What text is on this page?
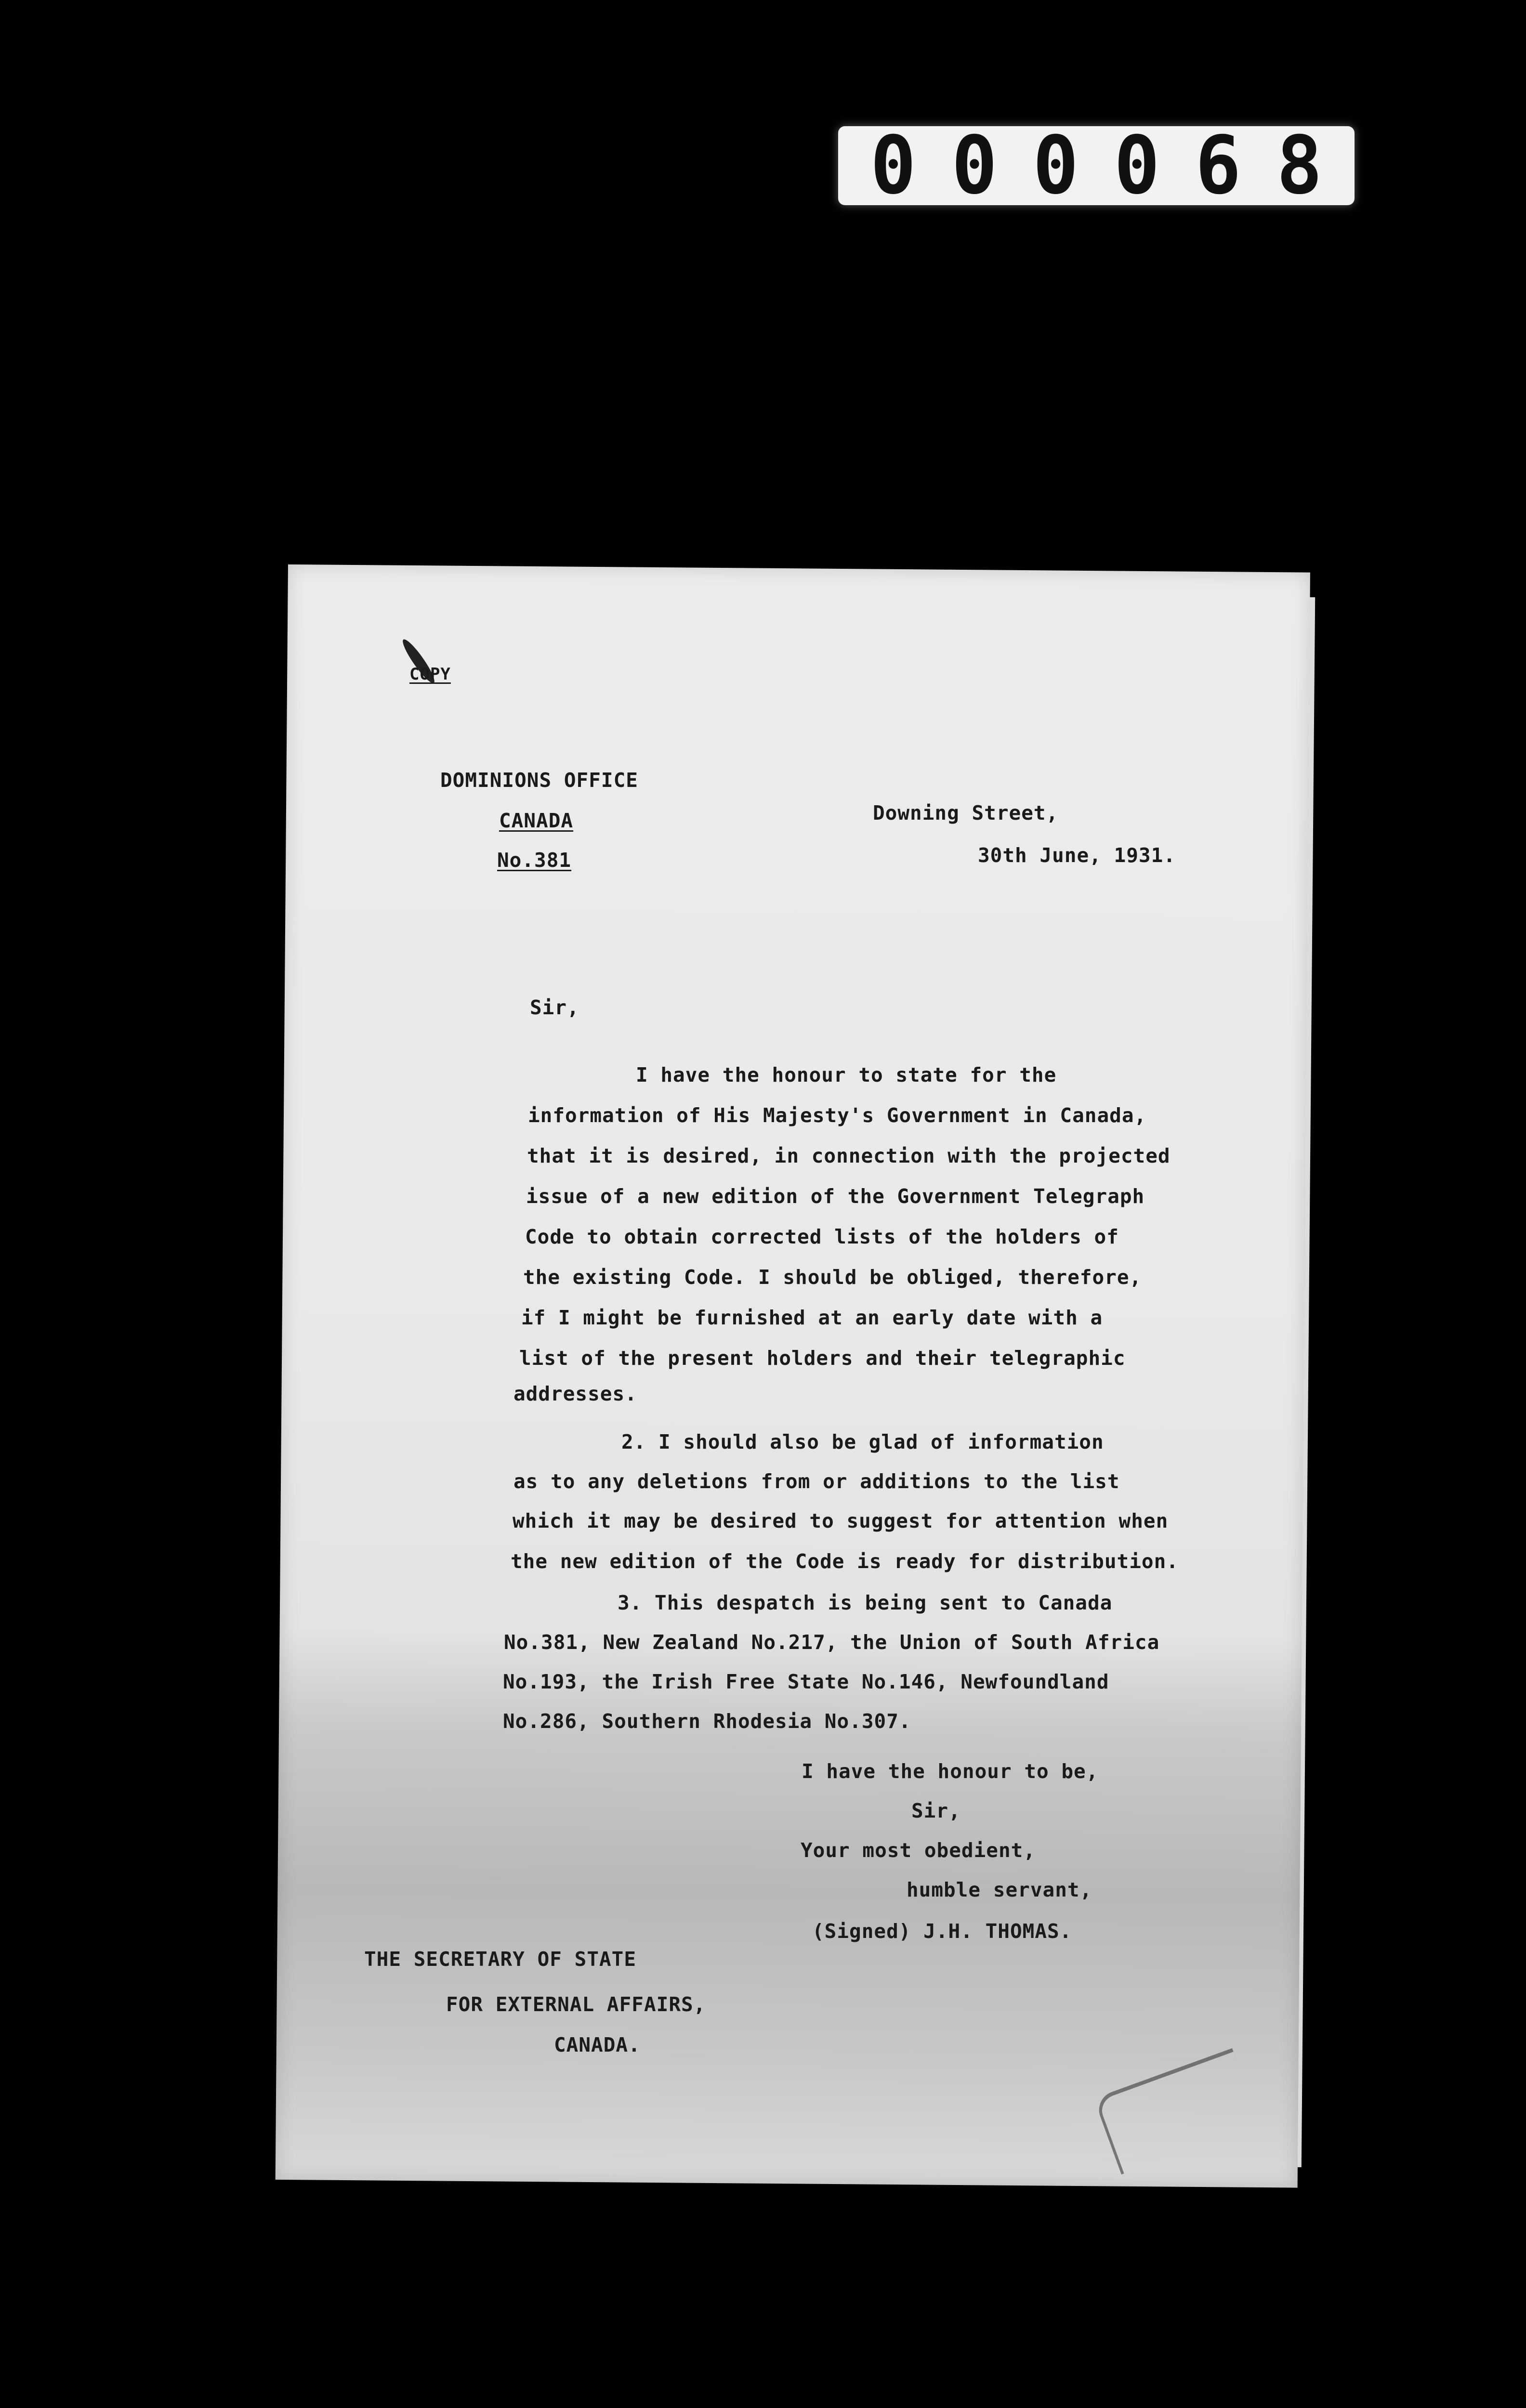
0 0 0 0 6 8
COPY
DOMINIONS OFFICE
CANADA
No.381
Downing Street,
30th June, 1931.
Sir,
I have the honour to state for the
information of His Majesty's Government in Canada,
that it is desired, in connection with the projected
issue of a new edition of the Government Telegraph
Code to obtain corrected lists of the holders of
the existing Code. I should be obliged, therefore,
if I might be furnished at an early date with a
list of the present holders and their telegraphic
addresses.
2. I should also be glad of information
as to any deletions from or additions to the list
which it may be desired to suggest for attention when
the new edition of the Code is ready for distribution.
3. This despatch is being sent to Canada
No.381, New Zealand No.217, the Union of South Africa
No.193, the Irish Free State No.146, Newfoundland
No.286, Southern Rhodesia No.307.
I have the honour to be,
Sir,
Your most obedient,
humble servant,
(Signed) J.H. THOMAS.
THE SECRETARY OF STATE
FOR EXTERNAL AFFAIRS,
CANADA.
